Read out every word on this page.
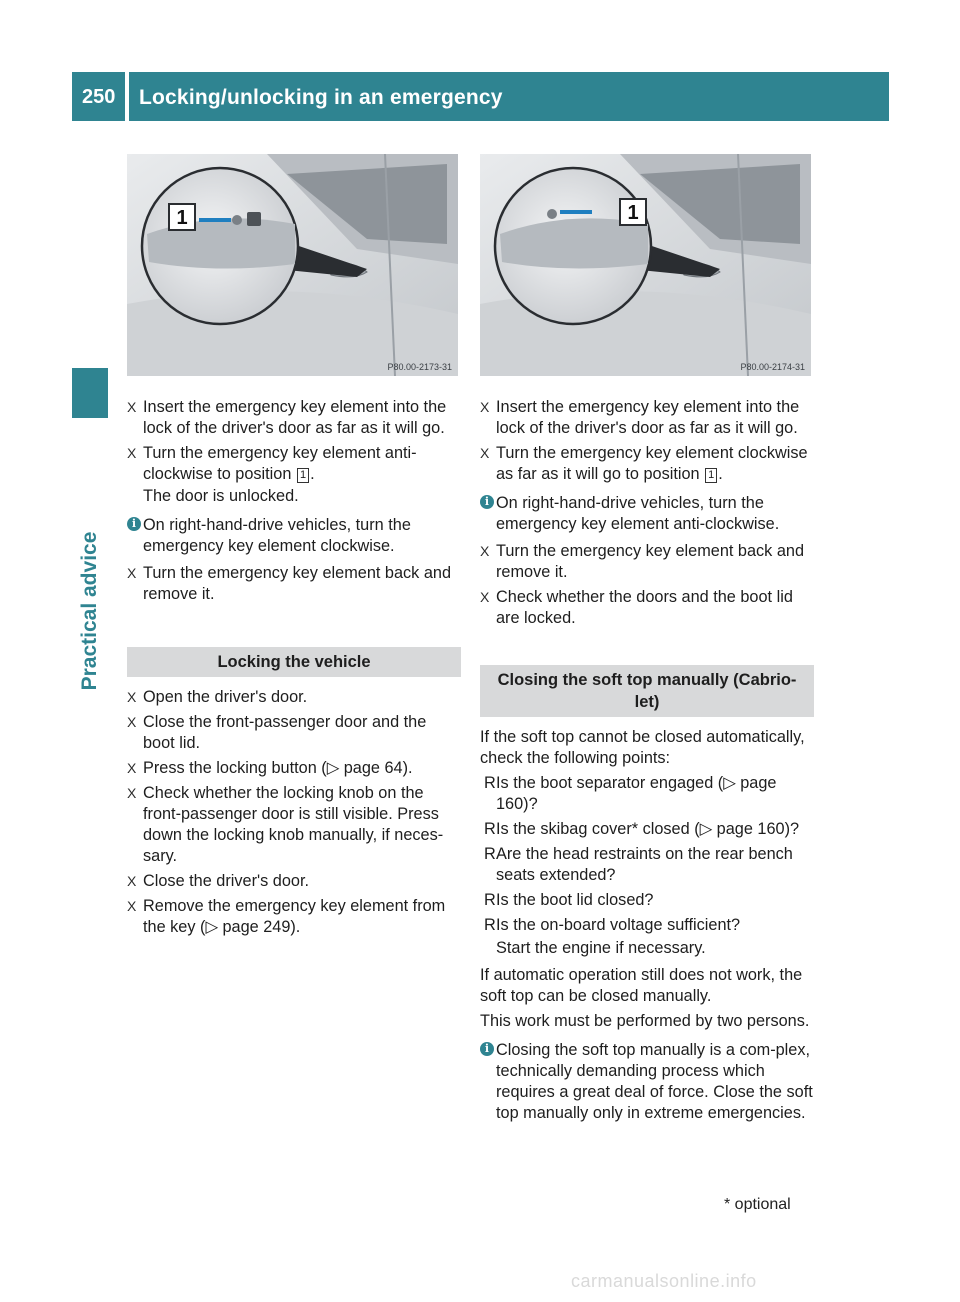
250 Locking/unlocking in an emergency
Practical advice
1
P80.00-2173-31
1
P80.00-2174-31
X Insert the emergency key element into the lock of the driver's door as far as it will go.
X Turn the emergency key element anti-clockwise to position 1 .
The door is unlocked.
i On right-hand-drive vehicles, turn the emergency key element clockwise.
X Turn the emergency key element back and remove it.
Locking the vehicle
X Open the driver's door.
X Close the front-passenger door and the boot lid.
X Press the locking button (▷ page 64).
X Check whether the locking knob on the front-passenger door is still visible. Press down the locking knob manually, if neces-sary.
X Close the driver's door.
X Remove the emergency key element from the key (▷ page 249).
X Insert the emergency key element into the lock of the driver's door as far as it will go.
X Turn the emergency key element clockwise as far as it will go to position 1 .
i On right-hand-drive vehicles, turn the emergency key element anti-clockwise.
X Turn the emergency key element back and remove it.
X Check whether the doors and the boot lid are locked.
Closing the soft top manually (Cabrio-let)
If the soft top cannot be closed automatically, check the following points:
R Is the boot separator engaged (▷ page 160)?
R Is the skibag cover* closed (▷ page 160)?
R Are the head restraints on the rear bench seats extended?
R Is the boot lid closed?
R Is the on-board voltage sufficient?
Start the engine if necessary.
If automatic operation still does not work, the soft top can be closed manually.
This work must be performed by two persons.
i Closing the soft top manually is a com-plex, technically demanding process which requires a great deal of force. Close the soft top manually only in extreme emergencies.
* optional
carmanualsonline.info
